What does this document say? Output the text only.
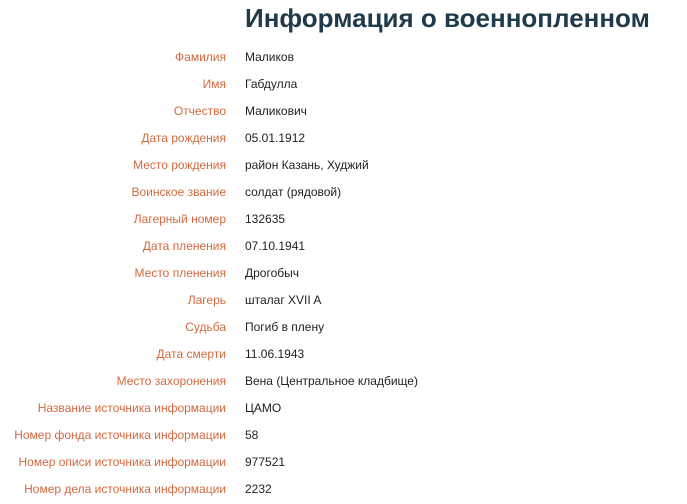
Информация о военнопленном
Фамилия Маликов
Имя Габдулла
Отчество Маликович
Дата рождения 05.01.1912
Место рождения район Казань, Худжий
Воинское звание солдат (рядовой)
Лагерный номер 132635
Дата пленения 07.10.1941
Место пленения Дрогобыч
Лагерь шталаг XVII A
Судьба Погиб в плену
Дата смерти 11.06.1943
Место захоронения Вена (Центральное кладбище)
Название источника информации ЦАМО
Номер фонда источника информации 58
Номер описи источника информации 977521
Номер дела источника информации 2232
